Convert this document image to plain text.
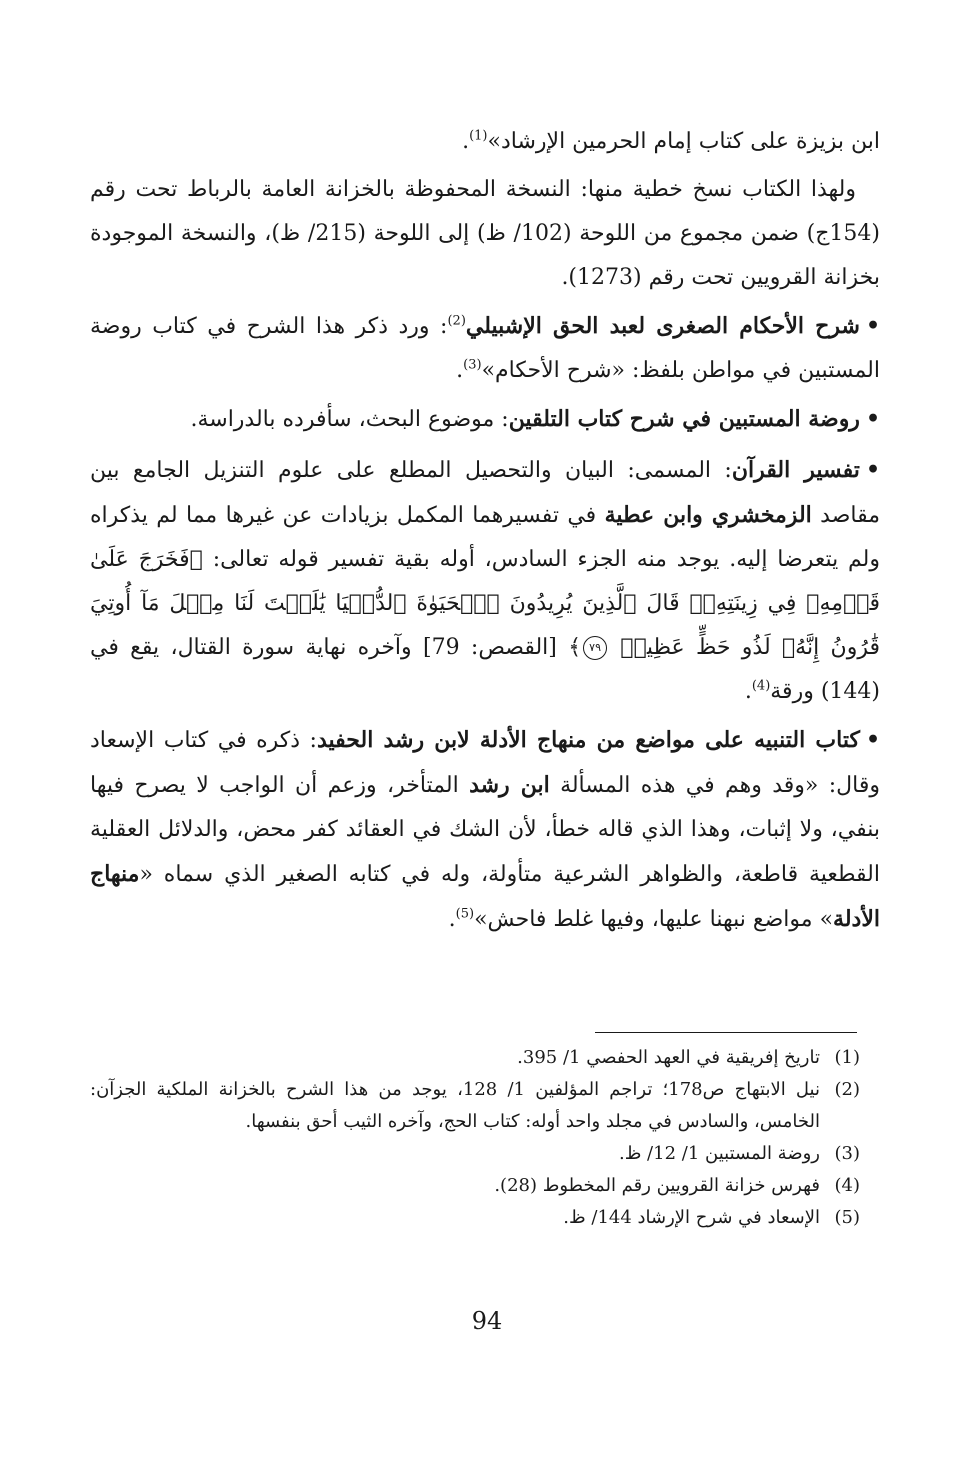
ابن بزيزة على كتاب إمام الحرمين الإرشاد»$^{(1)}$.

ولهذا الكتاب نسخ خطية منها: النسخة المحفوظة بالخزانة العامة بالرباط تحت رقم (154ج) ضمن مجموع من اللوحة (102/ ظ) إلى اللوحة (215/ ظ)، والنسخة الموجودة بخزانة القرويين تحت رقم (1273).

•شرح الأحكام الصغرى لعبد الحق الإشبيلي$^{(2)}$: ورد ذكر هذا الشرح في كتاب روضة المستبين في مواطن بلفظ: «شرح الأحكام»$^{(3)}$.

•روضة المستبين في شرح كتاب التلقين: موضوع البحث، سأفرده بالدراسة.

•تفسير القرآن: المسمى: البيان والتحصيل المطلع على علوم التنزيل الجامع بين مقاصد الزمخشري وابن عطية في تفسيرهما المكمل بزيادات عن غيرها مما لم يذكراه ولم يتعرضا إليه. يوجد منه الجزء السادس، أوله بقية تفسير قوله تعالى: ﴿فَخَرَجَ عَلَىٰ قَوۡمِهِۦ فِي زِينَتِهِۦۖ قَالَ ٱلَّذِينَ يُرِيدُونَ ٱلۡحَيَوٰةَ ٱلدُّنۡيَا يَٰلَيۡتَ لَنَا مِثۡلَ مَآ أُوتِيَ قَٰرُونُ إِنَّهُۥ لَذُو حَظٍّ عَظِيمٖ ٧٩﴾ [القصص: 79] وآخره نهاية سورة القتال، يقع في (144) ورقة$^{(4)}$.

•كتاب التنبيه على مواضع من منهاج الأدلة لابن رشد الحفيد: ذكره في كتاب الإسعاد وقال: «وقد وهم في هذه المسألة ابن رشد المتأخر، وزعم أن الواجب لا يصرح فيها بنفي، ولا إثبات، وهذا الذي قاله خطأ، لأن الشك في العقائد كفر محض، والدلائل العقلية القطعية قاطعة، والظواهر الشرعية متأولة، وله في كتابه الصغير الذي سماه «منهاج الأدلة» مواضع نبهنا عليها، وفيها غلط فاحش»$^{(5)}$.

(1)
تاريخ إفريقية في العهد الحفصي 1/ 395.
(2)
نيل الابتهاج ص178؛ تراجم المؤلفين 1/ 128، يوجد من هذا الشرح بالخزانة الملكية الجزآن: الخامس، والسادس في مجلد واحد أوله: كتاب الحج، وآخره الثيب أحق بنفسها.
(3)
روضة المستبين 1/ 12/ ظ.
(4)
فهرس خزانة القرويين رقم المخطوط (28).
(5)
الإسعاد في شرح الإرشاد 144/ ظ.
94
